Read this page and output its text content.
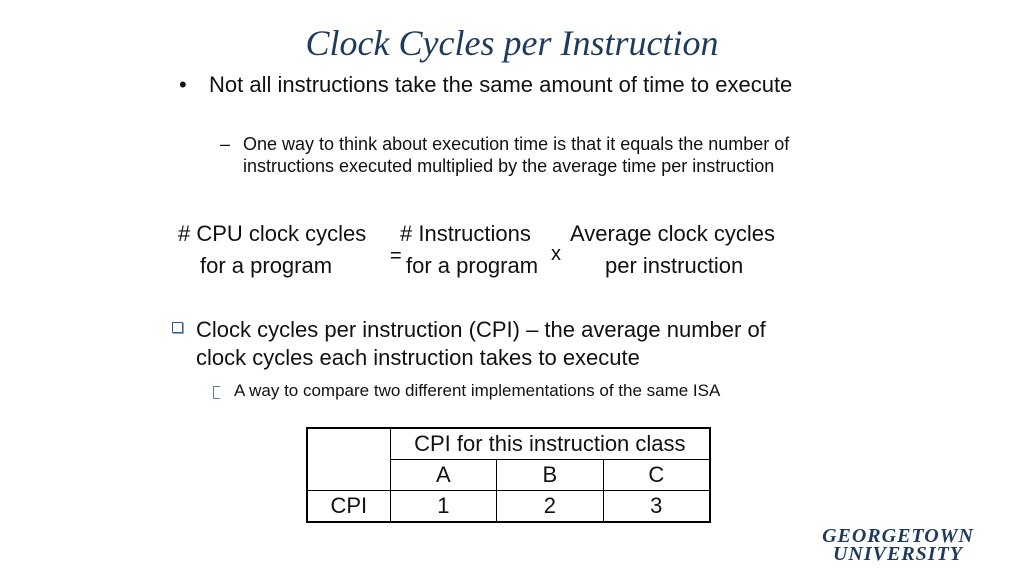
Clock Cycles per Instruction
• Not all instructions take the same amount of time to execute
– One way to think about execution time is that it equals the number of instructions executed multiplied by the average time per instruction
# CPU clock cycles
for a program	=
# Instructions
for a program x
Average clock cycles
per instruction
Clock cycles per instruction (CPI) – the average number of clock cycles each instruction takes to execute
A way to compare two different implementations of the same ISA
	CPI for this instruction class		
	A	B	C
CPI	1	2	3
GEORGETOWN
UNIVERSITY
